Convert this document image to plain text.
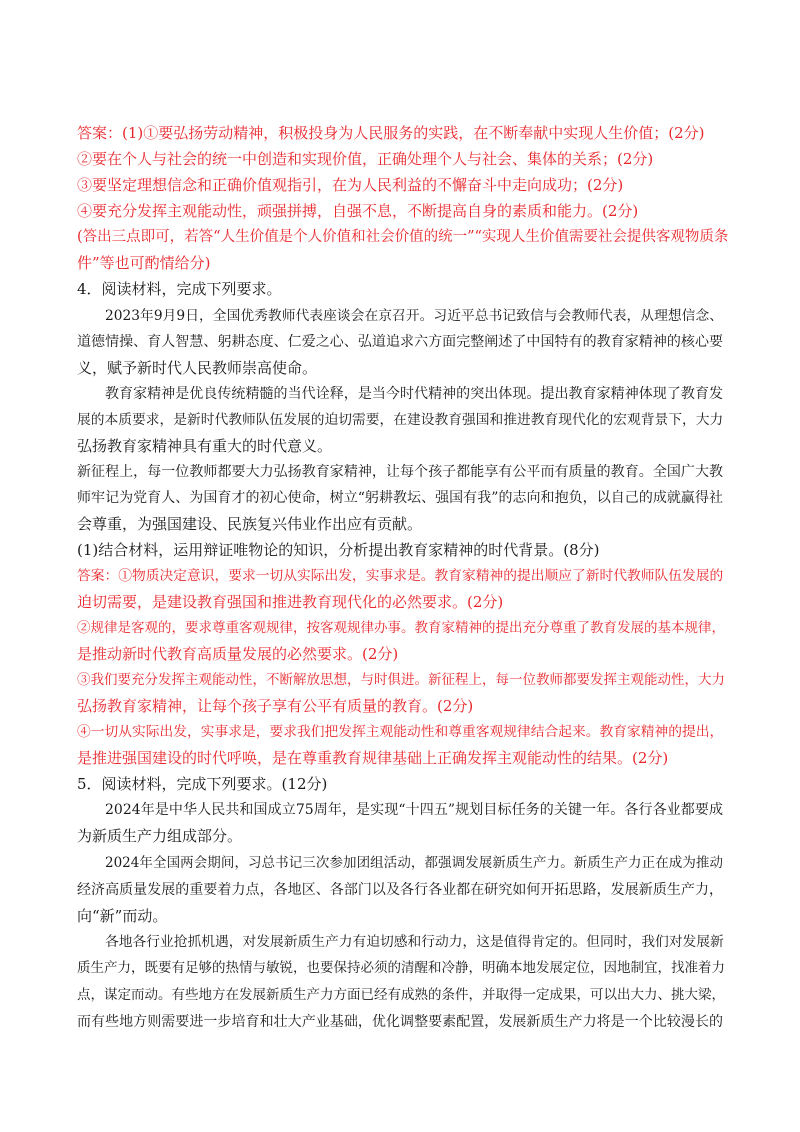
答案：(1)①要弘扬劳动精神，积极投身为人民服务的实践，在不断奉献中实现人生价值；(2分)
②要在个人与社会的统一中创造和实现价值，正确处理个人与社会、集体的关系；(2分)
③要坚定理想信念和正确价值观指引，在为人民利益的不懈奋斗中走向成功；(2分)
④要充分发挥主观能动性，顽强拼搏，自强不息，不断提高自身的素质和能力。(2分)
(答出三点即可，若答“人生价值是个人价值和社会价值的统一”“实现人生价值需要社会提供客观物质条
件”等也可酌情给分)
4．阅读材料，完成下列要求。
2023年9月9日，全国优秀教师代表座谈会在京召开。习近平总书记致信与会教师代表，从理想信念、
道德情操、育人智慧、躬耕态度、仁爱之心、弘道追求六方面完整阐述了中国特有的教育家精神的核心要
义，赋予新时代人民教师崇高使命。
教育家精神是优良传统精髓的当代诠释，是当今时代精神的突出体现。提出教育家精神体现了教育发
展的本质要求，是新时代教师队伍发展的迫切需要，在建设教育强国和推进教育现代化的宏观背景下，大力
弘扬教育家精神具有重大的时代意义。
新征程上，每一位教师都要大力弘扬教育家精神，让每个孩子都能享有公平而有质量的教育。全国广大教
师牢记为党育人、为国育才的初心使命，树立“躬耕教坛、强国有我”的志向和抱负，以自己的成就赢得社
会尊重，为强国建设、民族复兴伟业作出应有贡献。
(1)结合材料，运用辩证唯物论的知识，分析提出教育家精神的时代背景。(8分)
答案：①物质决定意识，要求一切从实际出发，实事求是。教育家精神的提出顺应了新时代教师队伍发展的
迫切需要，是建设教育强国和推进教育现代化的必然要求。(2分)
②规律是客观的，要求尊重客观规律，按客观规律办事。教育家精神的提出充分尊重了教育发展的基本规律，
是推动新时代教育高质量发展的必然要求。(2分)
③我们要充分发挥主观能动性，不断解放思想，与时俱进。新征程上，每一位教师都要发挥主观能动性，大力
弘扬教育家精神，让每个孩子享有公平有质量的教育。(2分)
④一切从实际出发，实事求是，要求我们把发挥主观能动性和尊重客观规律结合起来。教育家精神的提出，
是推进强国建设的时代呼唤，是在尊重教育规律基础上正确发挥主观能动性的结果。(2分)
5．阅读材料，完成下列要求。(12分)
2024年是中华人民共和国成立75周年，是实现“十四五”规划目标任务的关键一年。各行各业都要成
为新质生产力组成部分。
2024年全国两会期间，习总书记三次参加团组活动，都强调发展新质生产力。新质生产力正在成为推动
经济高质量发展的重要着力点，各地区、各部门以及各行各业都在研究如何开拓思路，发展新质生产力，
向“新”而动。
各地各行业抢抓机遇，对发展新质生产力有迫切感和行动力，这是值得肯定的。但同时，我们对发展新
质生产力，既要有足够的热情与敏锐，也要保持必须的清醒和冷静，明确本地发展定位，因地制宜，找准着力
点，谋定而动。有些地方在发展新质生产力方面已经有成熟的条件，并取得一定成果，可以出大力、挑大梁，
而有些地方则需要进一步培育和壮大产业基础，优化调整要素配置，发展新质生产力将是一个比较漫长的
